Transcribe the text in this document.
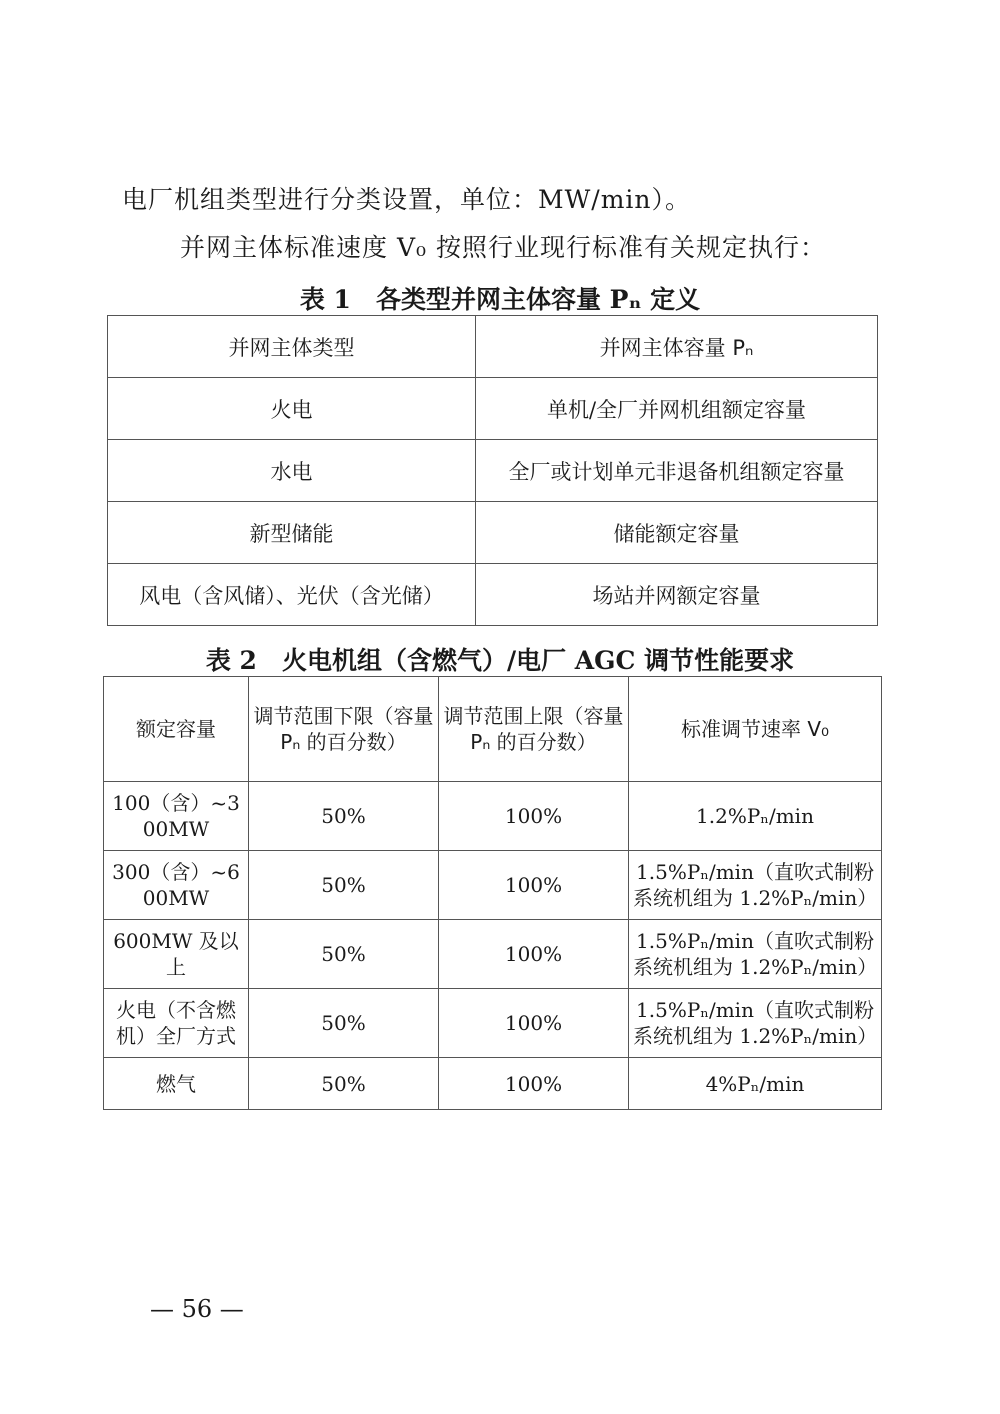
电厂机组类型进行分类设置，单位：MW/min）。
并网主体标准速度 V₀ 按照行业现行标准有关规定执行：
表 1　各类型并网主体容量 Pₙ 定义
并网主体类型	并网主体容量 Pₙ
火电	单机/全厂并网机组额定容量
水电	全厂或计划单元非退备机组额定容量
新型储能	储能额定容量
风电（含风储）、光伏（含光储）	场站并网额定容量
表 2　火电机组（含燃气）/电厂 AGC 调节性能要求
额定容量	调节范围下限（容量 Pₙ 的百分数）	调节范围上限（容量 Pₙ 的百分数）	标准调节速率 V₀
100（含）~300MW	50%	100%	1.2%Pₙ/min
300（含）~600MW	50%	100%	1.5%Pₙ/min（直吹式制粉系统机组为 1.2%Pₙ/min）
600MW 及以上	50%	100%	1.5%Pₙ/min（直吹式制粉系统机组为 1.2%Pₙ/min）
火电（不含燃机）全厂方式	50%	100%	1.5%Pₙ/min（直吹式制粉系统机组为 1.2%Pₙ/min）
燃气	50%	100%	4%Pₙ/min
— 56 —
